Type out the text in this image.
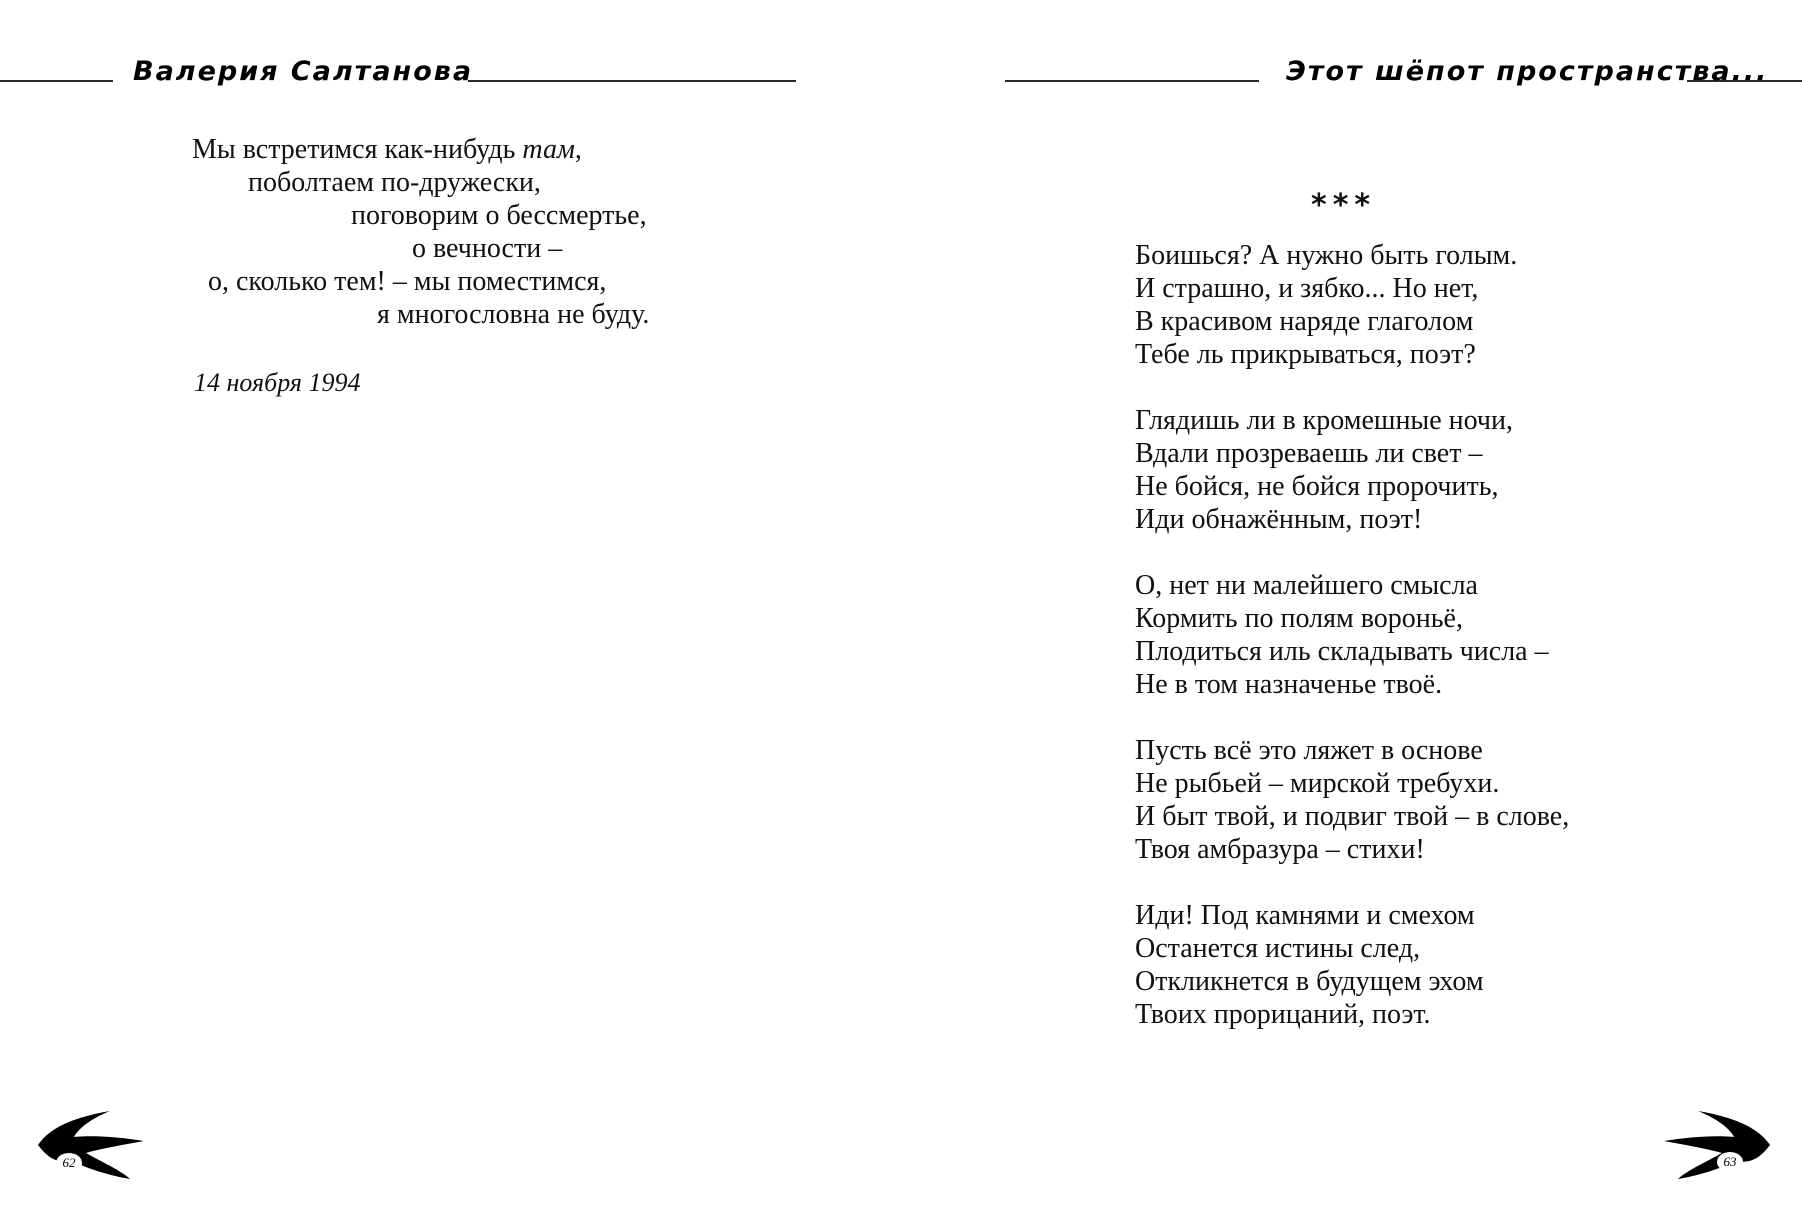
Валерия Салтанова	Этот шёпот пространства...
Мы встретимся как-нибудь там,
поболтаем по-дружески,
поговорим о бессмертье,
о вечности –
о, сколько тем! – мы поместимся,
я многословна не буду.
14 ноября 1994
***
Боишься? А нужно быть голым.
И страшно, и зябко... Но нет,
В красивом наряде глаголом
Тебе ль прикрываться, поэт?
Глядишь ли в кромешные ночи,
Вдали прозреваешь ли свет –
Не бойся, не бойся пророчить,
Иди обнажённым, поэт!
О, нет ни малейшего смысла
Кормить по полям вороньё,
Плодиться иль складывать числа –
Не в том назначенье твоё.
Пусть всё это ляжет в основе
Не рыбьей – мирской требухи.
И быт твой, и подвиг твой – в слове,
Твоя амбразура – стихи!
Иди! Под камнями и смехом
Останется истины след,
Откликнется в будущем эхом
Твоих прорицаний, поэт.
62	63
